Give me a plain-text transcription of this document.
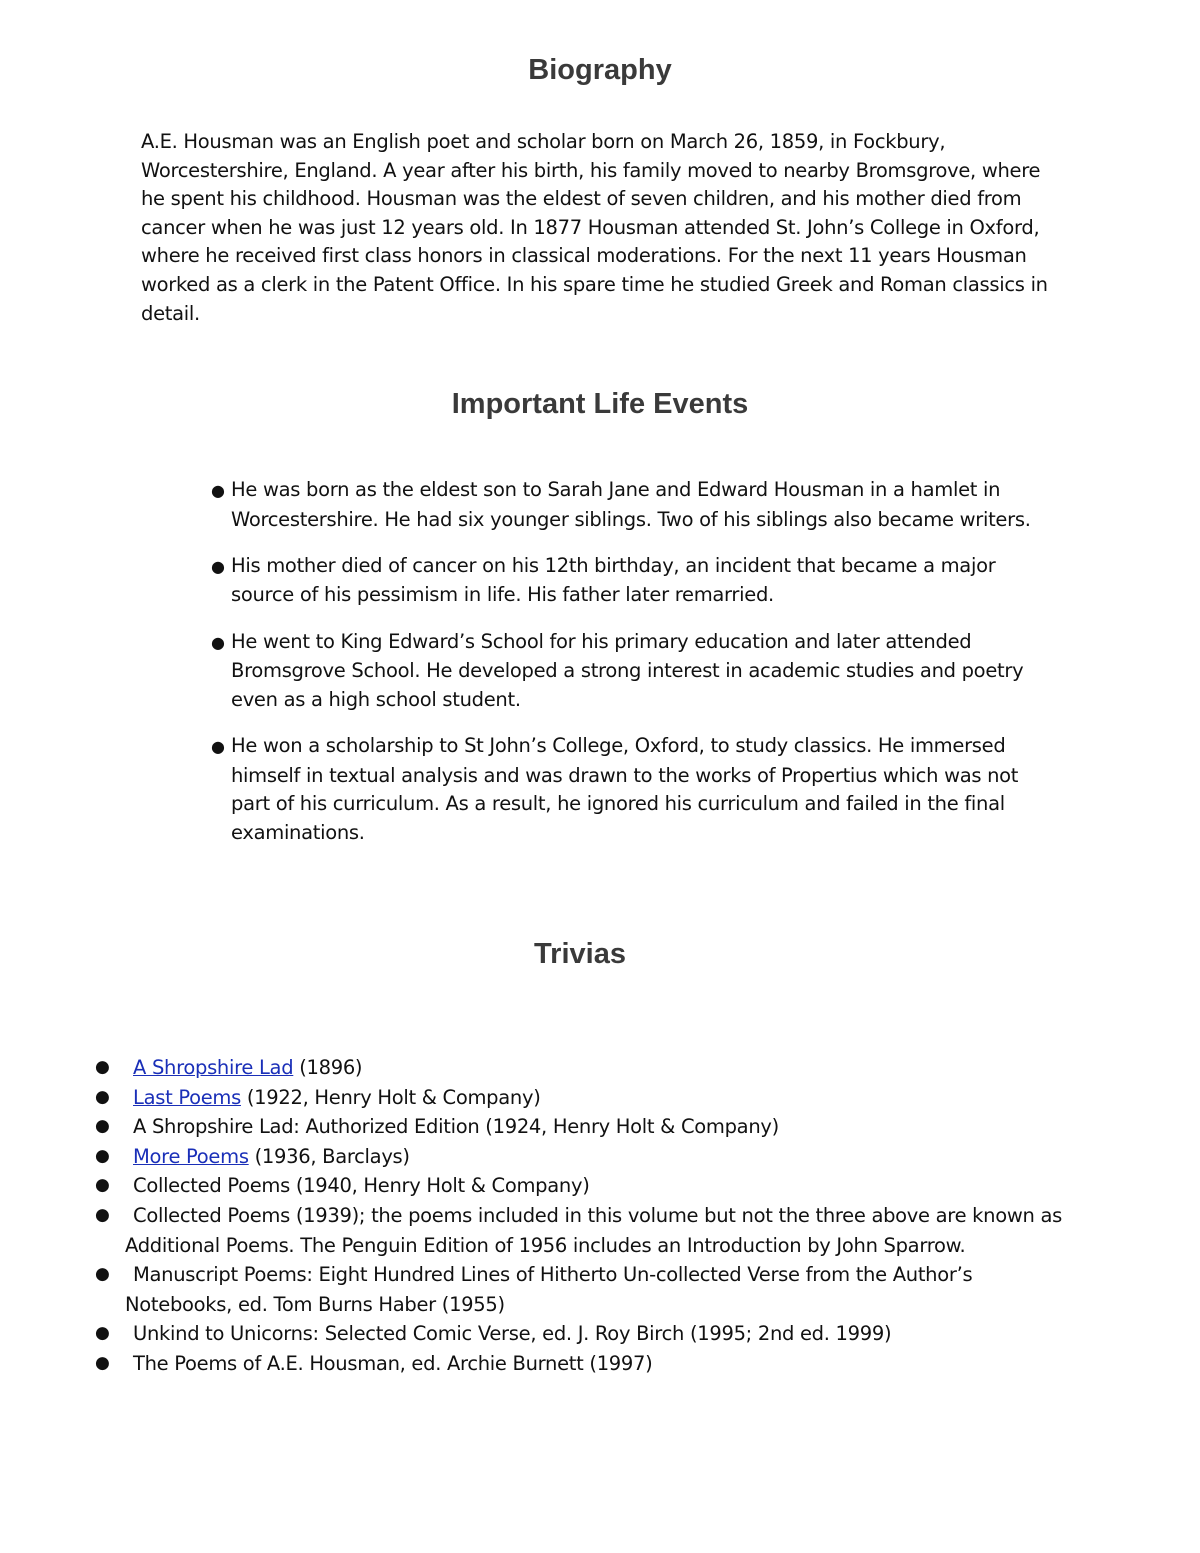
Biography

A.E. Housman was an English poet and scholar born on March 26, 1859, in Fockbury, Worcestershire, England. A year after his birth, his family moved to nearby Bromsgrove, where he spent his childhood. Housman was the eldest of seven children, and his mother died from cancer when he was just 12 years old. In 1877 Housman attended St. John’s College in Oxford, where he received first class honors in classical moderations. For the next 11 years Housman worked as a clerk in the Patent Office. In his spare time he studied Greek and Roman classics in detail.

Important Life Events
● He was born as the eldest son to Sarah Jane and Edward Housman in a hamlet in Worcestershire. He had six younger siblings. Two of his siblings also became writers.
● His mother died of cancer on his 12th birthday, an incident that became a major source of his pessimism in life. His father later remarried.
● He went to King Edward’s School for his primary education and later attended Bromsgrove School. He developed a strong interest in academic studies and poetry even as a high school student.
● He won a scholarship to St John’s College, Oxford, to study classics. He immersed himself in textual analysis and was drawn to the works of Propertius which was not part of his curriculum. As a result, he ignored his curriculum and failed in the final examinations.
Trivias
● A Shropshire Lad (1896)
● Last Poems (1922, Henry Holt & Company)
● A Shropshire Lad: Authorized Edition (1924, Henry Holt & Company)
● More Poems (1936, Barclays)
● Collected Poems (1940, Henry Holt & Company)
● Collected Poems (1939); the poems included in this volume but not the three above are known as Additional Poems. The Penguin Edition of 1956 includes an Introduction by John Sparrow.
● Manuscript Poems: Eight Hundred Lines of Hitherto Un-collected Verse from the Author’s Notebooks, ed. Tom Burns Haber (1955)
● Unkind to Unicorns: Selected Comic Verse, ed. J. Roy Birch (1995; 2nd ed. 1999)
● The Poems of A.E. Housman, ed. Archie Burnett (1997)
